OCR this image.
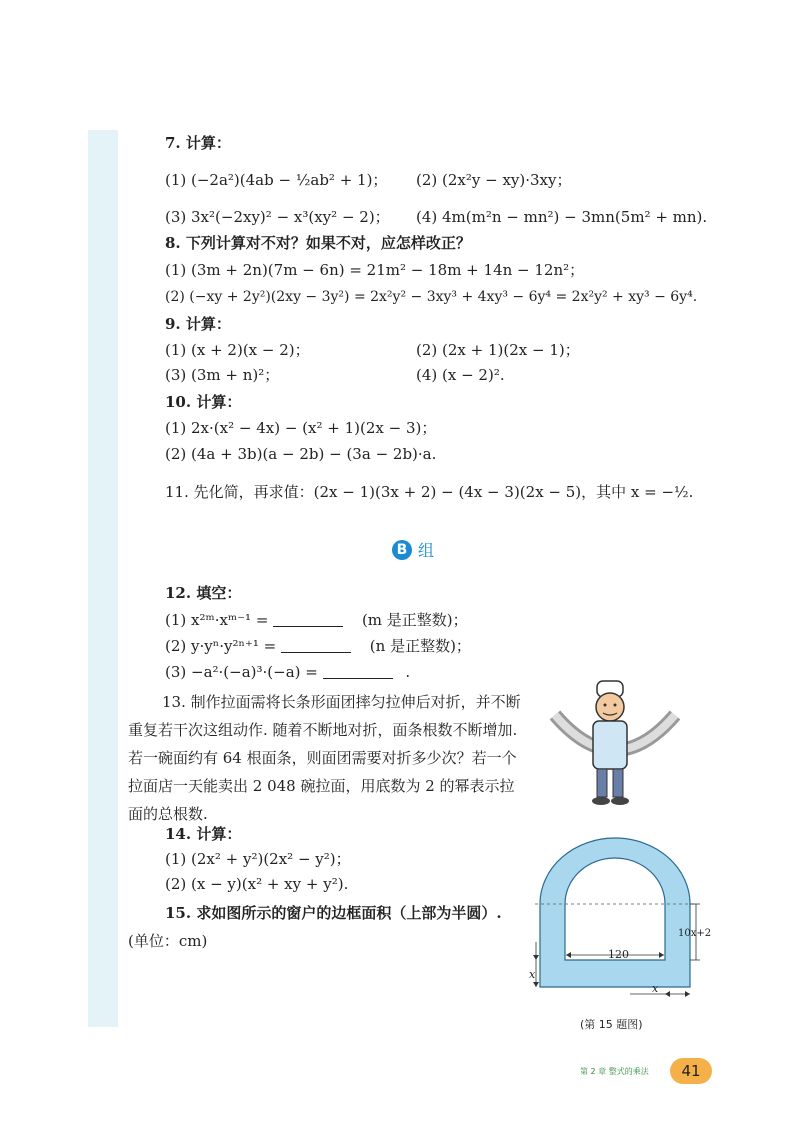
7. 计算：
(1) (−2a²)(4ab − ½ab² + 1)； (2) (2x²y − xy)·3xy；
(3) 3x²(−2xy)² − x³(xy² − 2)； (4) 4m(m²n − mn²) − 3mn(5m² + mn).
8. 下列计算对不对？如果不对，应怎样改正？
(1) (3m + 2n)(7m − 6n) = 21m² − 18m + 14n − 12n²；
(2) (−xy + 2y²)(2xy − 3y²) = 2x²y² − 3xy³ + 4xy³ − 6y⁴ = 2x²y² + xy³ − 6y⁴.
9. 计算：
(1) (x + 2)(x − 2)；	(2) (2x + 1)(2x − 1)；
(3) (3m + n)²；	(4) (x − 2)².
10. 计算：
(1) 2x·(x² − 4x) − (x² + 1)(2x − 3)；
(2) (4a + 3b)(a − 2b) − (3a − 2b)·a.
11. 先化简，再求值：(2x − 1)(3x + 2) − (4x − 3)(2x − 5)，其中 x = −½.
B 组
12. 填空：
(1) x²ᵐ·xᵐ⁻¹ =	(m 是正整数)；
(2) y·yⁿ·y²ⁿ⁺¹ =	(n 是正整数)；
(3) −a²·(−a)³·(−a) =	.
13. 制作拉面需将长条形面团摔匀拉伸后对折，并不断重复若干次这组动作. 随着不断地对折，面条根数不断增加. 若一碗面约有 64 根面条，则面团需要对折多少次？若一个拉面店一天能卖出 2 048 碗拉面，用底数为 2 的幂表示拉面的总根数.
14. 计算：
(1) (2x² + y²)(2x² − y²)；
(2) (x − y)(x² + xy + y²).
15. 求如图所示的窗户的边框面积（上部为半圆）.
(单位：cm)
120
10x+2
x
x
(第 15 题图)
第 2 章 整式的乘法	41
